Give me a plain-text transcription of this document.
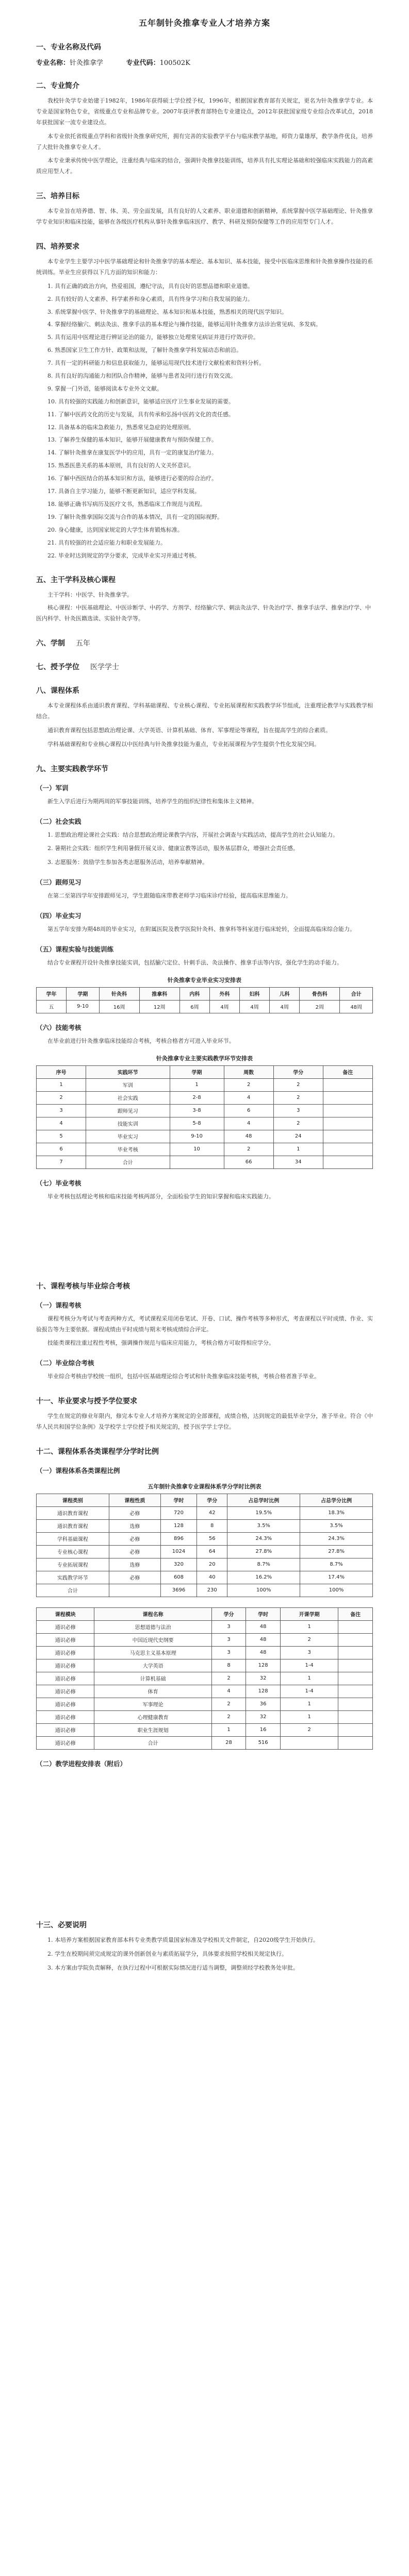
五年制针灸推拿专业人才培养方案
一、专业名称及代码
专业名称：针灸推拿学	专业代码：100502K
二、专业简介

我校针灸学专业始建于1982年，1986年获得硕士学位授予权，1996年，根据国家教育部有关规定，更名为针灸推拿学专业。本专业是国家特色专业，省级重点专业和品牌专业。2007年获评教育部特色专业建设点，2012年获批国家级专业综合改革试点，2018年获批国家一流专业建设点。

本专业依托省级重点学科和省级针灸推拿研究所，拥有完善的实验教学平台与临床教学基地，师资力量雄厚，教学条件优良，培养了大批针灸推拿专业人才。

本专业秉承传统中医学理论，注重经典与临床的结合，强调针灸推拿技能训练，培养具有扎实理论基础和较强临床实践能力的高素质应用型人才。

三、培养目标

本专业旨在培养德、智、体、美、劳全面发展，具有良好的人文素养、职业道德和创新精神，系统掌握中医学基础理论、针灸推拿学专业知识和临床技能，能够在各级医疗机构从事针灸推拿临床医疗、教学、科研及预防保健等工作的应用型专门人才。

四、培养要求

本专业学生主要学习中医学基础理论和针灸推拿学的基本理论、基本知识、基本技能，接受中医临床思维和针灸推拿操作技能的系统训练。毕业生应获得以下几方面的知识和能力：

1. 具有正确的政治方向，热爱祖国，遵纪守法，具有良好的思想品德和职业道德。

2. 具有较好的人文素养、科学素养和身心素质，具有终身学习和自我发展的能力。

3. 系统掌握中医学、针灸推拿学的基础理论、基本知识和基本技能，熟悉相关的现代医学知识。

4. 掌握经络腧穴、刺法灸法、推拿手法的基本理论与操作技能，能够运用针灸推拿方法诊治常见病、多发病。

5. 具有运用中医理论进行辨证论治的能力，能够独立处理常见病证并进行疗效评价。

6. 熟悉国家卫生工作方针、政策和法规，了解针灸推拿学科发展动态和前沿。

7. 具有一定的科研能力和信息获取能力，能够运用现代技术进行文献检索和资料分析。

8. 具有良好的沟通能力和团队合作精神，能够与患者及同行进行有效交流。

9. 掌握一门外语，能够阅读本专业外文文献。

10. 具有较强的实践能力和创新意识，能够适应医疗卫生事业发展的需要。

11. 了解中医药文化的历史与发展，具有传承和弘扬中医药文化的责任感。

12. 具备基本的临床急救能力，熟悉常见急症的处理原则。

13. 了解养生保健的基本知识，能够开展健康教育与预防保健工作。

14. 了解针灸推拿在康复医学中的应用，具有一定的康复治疗能力。

15. 熟悉医患关系的基本原则，具有良好的人文关怀意识。

16. 了解中西医结合的基本知识和方法，能够进行必要的综合治疗。

17. 具备自主学习能力，能够不断更新知识，适应学科发展。

18. 能够正确书写病历及医疗文书，熟悉临床工作规范与流程。

19. 了解针灸推拿国际交流与合作的基本情况，具有一定的国际视野。

20. 身心健康，达到国家规定的大学生体育锻炼标准。

21. 具有较强的社会适应能力和职业发展能力。

22. 毕业时达到规定的学分要求，完成毕业实习并通过考核。

五、主干学科及核心课程

主干学科：中医学、针灸推拿学。

核心课程：中医基础理论、中医诊断学、中药学、方剂学、经络腧穴学、刺法灸法学、针灸治疗学、推拿手法学、推拿治疗学、中医内科学、针灸医籍选读、实验针灸学等。

六、学制 五年
七、授予学位 医学学士
八、课程体系

本专业课程体系由通识教育课程、学科基础课程、专业核心课程、专业拓展课程和实践教学环节组成，注重理论教学与实践教学相结合。

通识教育课程包括思想政治理论课、大学英语、计算机基础、体育、军事理论等课程，旨在提高学生的综合素质。

学科基础课程和专业核心课程以中医经典与针灸推拿技能为重点，专业拓展课程为学生提供个性化发展空间。

九、主要实践教学环节
（一）军训

新生入学后进行为期两周的军事技能训练，培养学生的组织纪律性和集体主义精神。

（二）社会实践

1. 思想政治理论课社会实践：结合思想政治理论课教学内容，开展社会调查与实践活动，提高学生的社会认知能力。

2. 暑期社会实践：组织学生利用暑假开展义诊、健康宣教等活动，服务基层群众，增强社会责任感。

3. 志愿服务：鼓励学生参加各类志愿服务活动，培养奉献精神。

（三）跟师见习

在第二至第四学年安排跟师见习，学生跟随临床带教老师学习临床诊疗经验，提高临床思维能力。

（四）毕业实习

第五学年安排为期48周的毕业实习，在附属医院及教学医院针灸科、推拿科等科室进行临床轮转，全面提高临床综合能力。

（五）课程实验与技能训练

结合专业课程开设针灸推拿技能实训，包括腧穴定位、针刺手法、灸法操作、推拿手法等内容，强化学生的动手能力。

针灸推拿专业毕业实习安排表
学年	学期	针灸科	推拿科	内科	外科	妇科	儿科	骨伤科	合计
五	9-10	16周	12周	6周	4周	4周	4周	2周	48周
（六）技能考核

在毕业前进行针灸推拿临床技能综合考核，考核合格者方可进入毕业环节。

针灸推拿专业主要实践教学环节安排表
序号	实践环节	学期	周数	学分	备注
1	军训	1	2	2	
2	社会实践	2-8	4	2	
3	跟师见习	3-8	6	3	
4	技能实训	5-8	4	2	
5	毕业实习	9-10	48	24	
6	毕业考核	10	2	1	
7	合计		66	34	
（七）毕业考核

毕业考核包括理论考核和临床技能考核两部分，全面检验学生的知识掌握和临床实践能力。

十、课程考核与毕业综合考核
（一）课程考核

课程考核分为考试与考查两种方式，考试课程采用闭卷笔试、开卷、口试、操作考核等多种形式，考查课程以平时成绩、作业、实验报告等为主要依据。课程成绩由平时成绩与期末考核成绩综合评定。

技能类课程注重过程性考核，强调操作规范与临床应用能力，考核合格方可取得相应学分。

（二）毕业综合考核

毕业综合考核由学校统一组织，包括中医基础理论综合考试和针灸推拿临床技能考核，考核合格者准予毕业。

十一、毕业要求与授予学位要求

学生在规定的修业年限内，修完本专业人才培养方案规定的全部课程，成绩合格，达到规定的最低毕业学分，准予毕业。符合《中华人民共和国学位条例》及学校学士学位授予相关规定的，授予医学学士学位。

十二、课程体系各类课程学分学时比例
（一）课程体系各类课程比例
五年制针灸推拿专业课程体系学分学时比例表
课程类别	课程性质	学时	学分	占总学时比例	占总学分比例
通识教育课程	必修	720	42	19.5%	18.3%
通识教育课程	选修	128	8	3.5%	3.5%
学科基础课程	必修	896	56	24.3%	24.3%
专业核心课程	必修	1024	64	27.8%	27.8%
专业拓展课程	选修	320	20	8.7%	8.7%
实践教学环节	必修	608	40	16.2%	17.4%
合计		3696	230	100%	100%
课程模块	课程名称	学分	学时	开课学期	备注
通识必修	思想道德与法治	3	48	1	
通识必修	中国近现代史纲要	3	48	2	
通识必修	马克思主义基本原理	3	48	3	
通识必修	大学英语	8	128	1-4	
通识必修	计算机基础	2	32	1	
通识必修	体育	4	128	1-4	
通识必修	军事理论	2	36	1	
通识必修	心理健康教育	2	32	1	
通识必修	职业生涯规划	1	16	2	
通识必修	合计	28	516		
（二）教学进程安排表（附后）
十三、必要说明

1. 本培养方案根据国家教育部本科专业类教学质量国家标准及学校相关文件制定，自2020级学生开始执行。

2. 学生在校期间须完成规定的课外创新创业与素质拓展学分，具体要求按照学校相关规定执行。

3. 本方案由学院负责解释，在执行过程中可根据实际情况进行适当调整，调整须经学校教务处审批。
